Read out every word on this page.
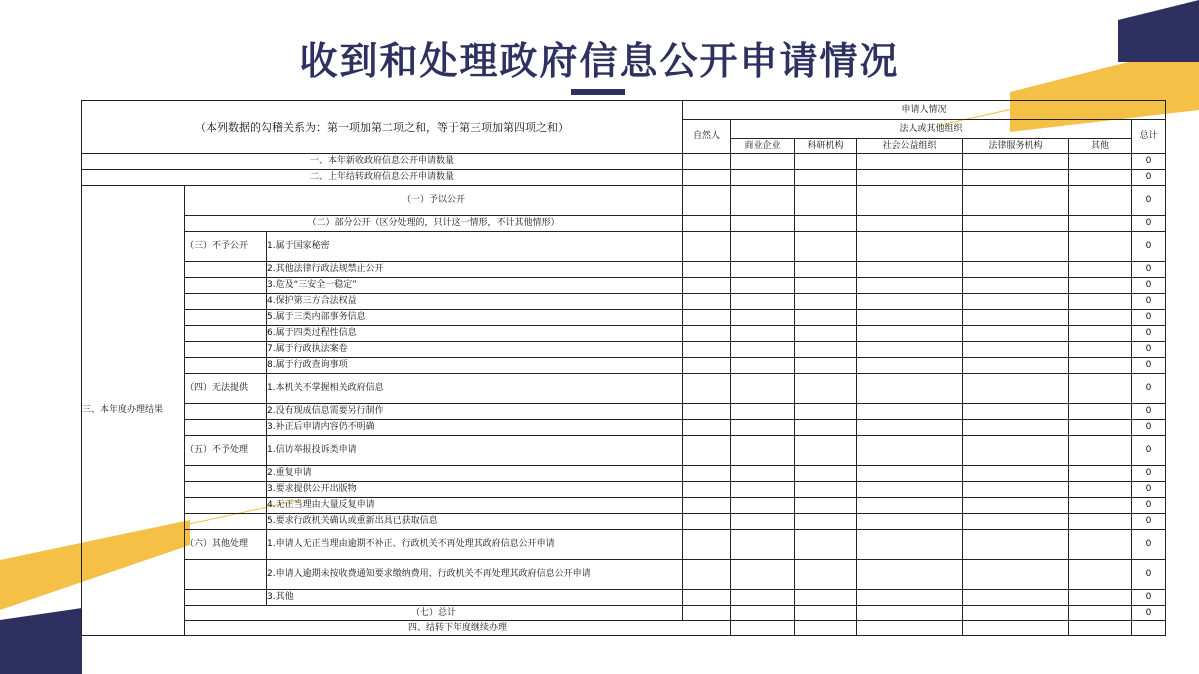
收到和处理政府信息公开申请情况
（本列数据的勾稽关系为：第一项加第二项之和，等于第三项加第四项之和）			申请人情况							
			自然人	法人或其他组织					总计	
				商业企业	科研机构	社会公益组织	法律服务机构	其他		
一、本年新收政府信息公开申请数量									0	
二、上年结转政府信息公开申请数量									0	
三、本年度办理结果	（一）予以公开								0	
	（二）部分公开（区分处理的，只计这一情形，不计其他情形）								0	
	（三）不予公开	1.属于国家秘密							0	
		2.其他法律行政法规禁止公开							0	
		3.危及“三安全一稳定”							0	
		4.保护第三方合法权益							0	
		5.属于三类内部事务信息							0	
		6.属于四类过程性信息							0	
		7.属于行政执法案卷							0	
		8.属于行政查询事项							0	
	（四）无法提供	1.本机关不掌握相关政府信息							0	
		2.没有现成信息需要另行制作							0	
		3.补正后申请内容仍不明确							0	
	（五）不予处理	1.信访举报投诉类申请							0	
		2.重复申请							0	
		3.要求提供公开出版物							0	
		4.无正当理由大量反复申请							0	
		5.要求行政机关确认或重新出具已获取信息							0	
	（六）其他处理	1.申请人无正当理由逾期不补正、行政机关不再处理其政府信息公开申请							0	
		2.申请人逾期未按收费通知要求缴纳费用、行政机关不再处理其政府信息公开申请							0	
		3.其他							0	
	（七）总计								0	
	四、结转下年度继续办理							
